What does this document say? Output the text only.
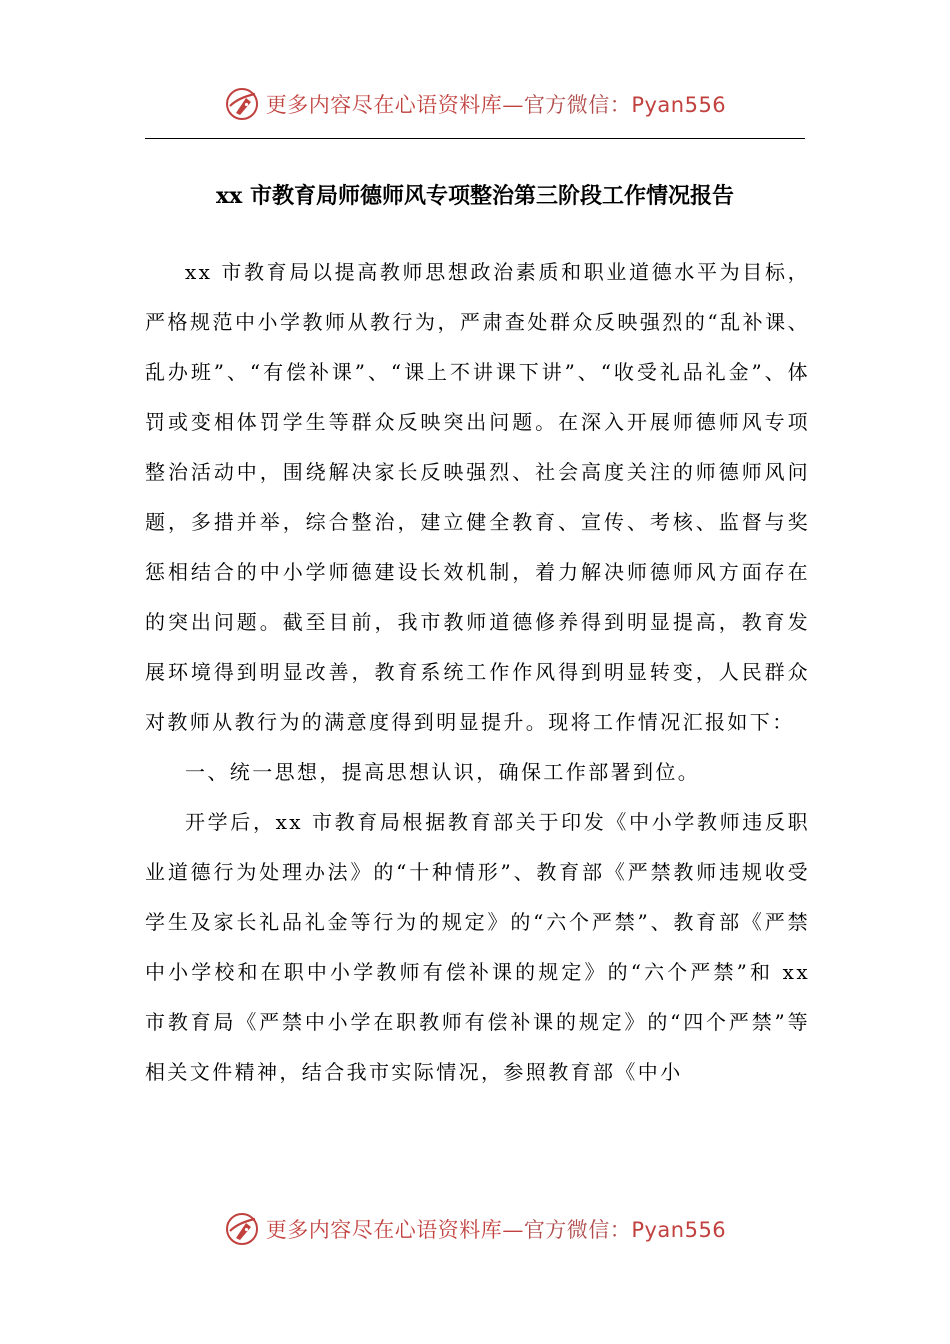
更多内容尽在心语资料库—官方微信：Pyan556
xx 市教育局师德师风专项整治第三阶段工作情况报告

xx 市教育局以提高教师思想政治素质和职业道德水平为目标，严格规范中小学教师从教行为，严肃查处群众反映强烈的“乱补课、乱办班”、“有偿补课”、“课上不讲课下讲”、“收受礼品礼金”、体罚或变相体罚学生等群众反映突出问题。在深入开展师德师风专项整治活动中，围绕解决家长反映强烈、社会高度关注的师德师风问题，多措并举，综合整治，建立健全教育、宣传、考核、监督与奖惩相结合的中小学师德建设长效机制，着力解决师德师风方面存在的突出问题。截至目前，我市教师道德修养得到明显提高，教育发展环境得到明显改善，教育系统工作作风得到明显转变，人民群众对教师从教行为的满意度得到明显提升。现将工作情况汇报如下：

一、统一思想，提高思想认识，确保工作部署到位。

开学后，xx 市教育局根据教育部关于印发《中小学教师违反职业道德行为处理办法》的“十种情形”、教育部《严禁教师违规收受学生及家长礼品礼金等行为的规定》的“六个严禁”、教育部《严禁中小学校和在职中小学教师有偿补课的规定》的“六个严禁”和 xx 市教育局《严禁中小学在职教师有偿补课的规定》的“四个严禁”等相关文件精神，结合我市实际情况，参照教育部《中小

更多内容尽在心语资料库—官方微信：Pyan556
